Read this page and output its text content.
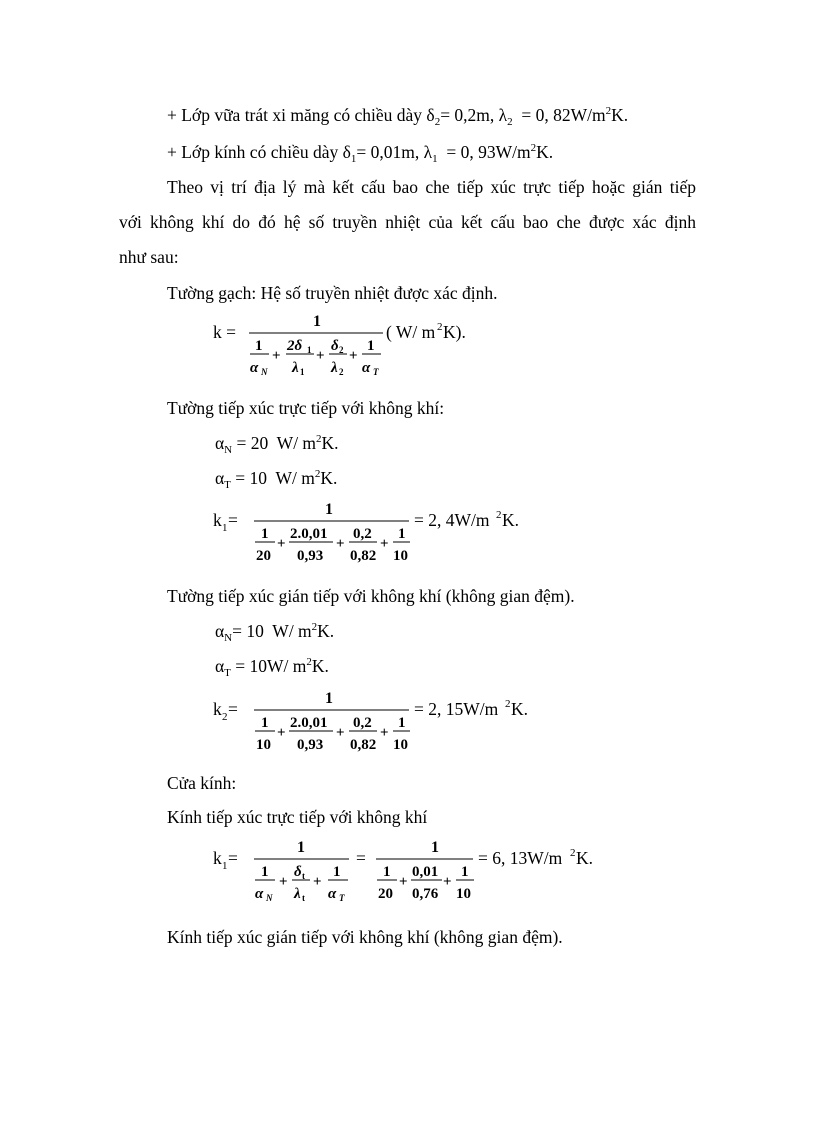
+ Lớp vữa trát xi măng có chiều dày $\delta_2= 0,2m$, $\lambda_2 = 0$, $82W/m^2K$.
+ Lớp kính có chiều dày $\delta_1= 0,01m$, $\lambda_1 = 0$, $93W/m^2K$.
Theo vị trí địa lý mà kết cấu bao che tiếp xúc trực tiếp hoặc gián tiếp
với không khí do đó hệ số truyền nhiệt của kết cấu bao che được xác định
như sau:
Tường gạch: Hệ số truyền nhiệt được xác định.
k =
1
1
α N
+
2δ 1
λ 1
+
δ 2
λ 2
+
1
α T
( W/ m 2 K).
Tường tiếp xúc trực tiếp với không khí:
$\alpha_N = 20$  W/ $m^2K$.
$\alpha_T = 10$  W/ $m^2K$.
k 1 =
1
1
20
+
2.0,01
0,93
+
0,2
0,82
+
1
10
= 2, 4W/m 2 K.
Tường tiếp xúc gián tiếp với không khí (không gian đệm).
$\alpha_N= 10$  W/ $m^2K$.
$\alpha_T = 10W/$ $m^2K$.
k 2 =
1
1
10
+
2.0,01
0,93
+
0,2
0,82
+
1
10
= 2, 15W/m 2 K.
Cửa kính:
Kính tiếp xúc trực tiếp với không khí
k 1 =
1
1
α N
+
δ t
λ t
+
1
α T
=
1
1
20
+
0,01
0,76
+
1
10
= 6, 13W/m 2 K.
Kính tiếp xúc gián tiếp với không khí (không gian đệm).
